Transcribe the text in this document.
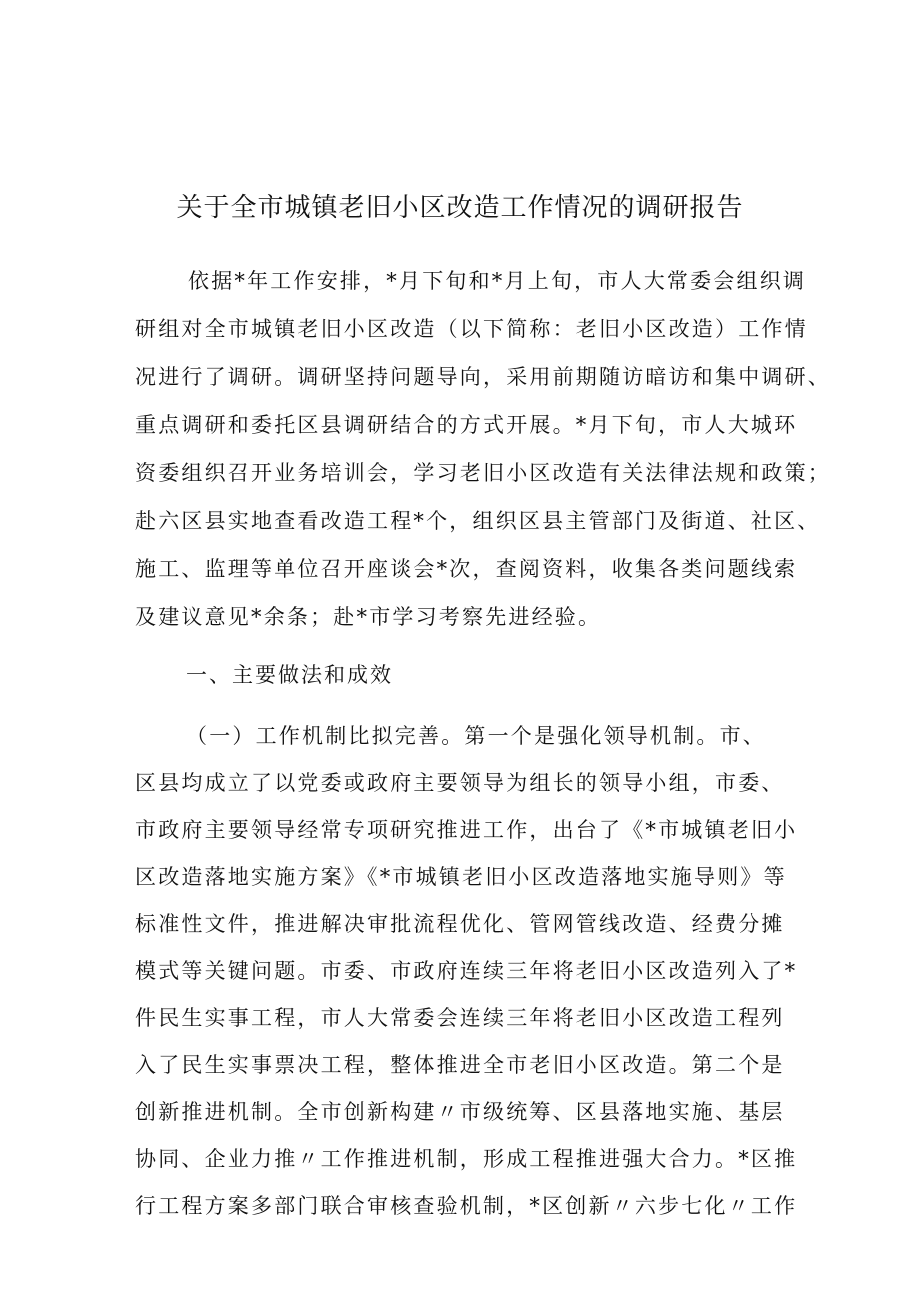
关于全市城镇老旧小区改造工作情况的调研报告
依据*年工作安排，*月下旬和*月上旬，市人大常委会组织调
研组对全市城镇老旧小区改造（以下简称：老旧小区改造）工作情
况进行了调研。调研坚持问题导向，采用前期随访暗访和集中调研、
重点调研和委托区县调研结合的方式开展。*月下旬，市人大城环
资委组织召开业务培训会，学习老旧小区改造有关法律法规和政策；
赴六区县实地查看改造工程*个，组织区县主管部门及街道、社区、
施工、监理等单位召开座谈会*次，查阅资料，收集各类问题线索
及建议意见*余条；赴*市学习考察先进经验。
一、主要做法和成效
（一）工作机制比拟完善。第一个是强化领导机制。市、
区县均成立了以党委或政府主要领导为组长的领导小组，市委、
市政府主要领导经常专项研究推进工作，出台了《*市城镇老旧小
区改造落地实施方案》《*市城镇老旧小区改造落地实施导则》等
标准性文件，推进解决审批流程优化、管网管线改造、经费分摊
模式等关键问题。市委、市政府连续三年将老旧小区改造列入了*
件民生实事工程，市人大常委会连续三年将老旧小区改造工程列
入了民生实事票决工程，整体推进全市老旧小区改造。第二个是
创新推进机制。全市创新构建〃市级统筹、区县落地实施、基层
协同、企业力推〃工作推进机制，形成工程推进强大合力。*区推
行工程方案多部门联合审核查验机制，*区创新〃六步七化〃工作
